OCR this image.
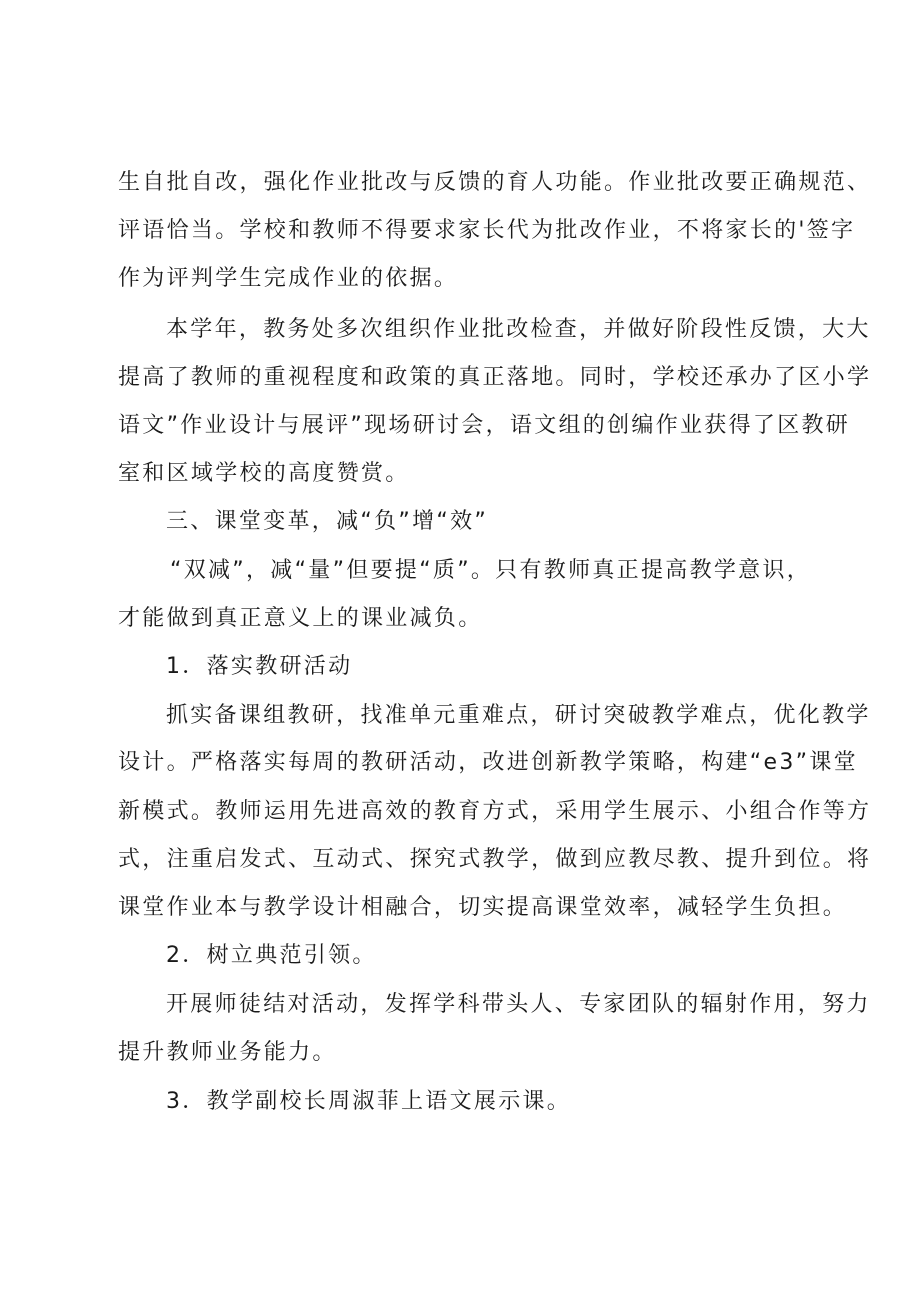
生自批自改，强化作业批改与反馈的育人功能。作业批改要正确规范、
评语恰当。学校和教师不得要求家长代为批改作业，不将家长的'签字
作为评判学生完成作业的依据。
本学年，教务处多次组织作业批改检查，并做好阶段性反馈，大大
提高了教师的重视程度和政策的真正落地。同时，学校还承办了区小学
语文”作业设计与展评”现场研讨会，语文组的创编作业获得了区教研
室和区域学校的高度赞赏。
三、课堂变革，减“负”增“效”
“双减”，减“量”但要提“质”。只有教师真正提高教学意识，
才能做到真正意义上的课业减负。
1．落实教研活动
抓实备课组教研，找准单元重难点，研讨突破教学难点，优化教学
设计。严格落实每周的教研活动，改进创新教学策略，构建“e3”课堂
新模式。教师运用先进高效的教育方式，采用学生展示、小组合作等方
式，注重启发式、互动式、探究式教学，做到应教尽教、提升到位。将
课堂作业本与教学设计相融合，切实提高课堂效率，减轻学生负担。
2．树立典范引领。
开展师徒结对活动，发挥学科带头人、专家团队的辐射作用，努力
提升教师业务能力。
3．教学副校长周淑菲上语文展示课。
